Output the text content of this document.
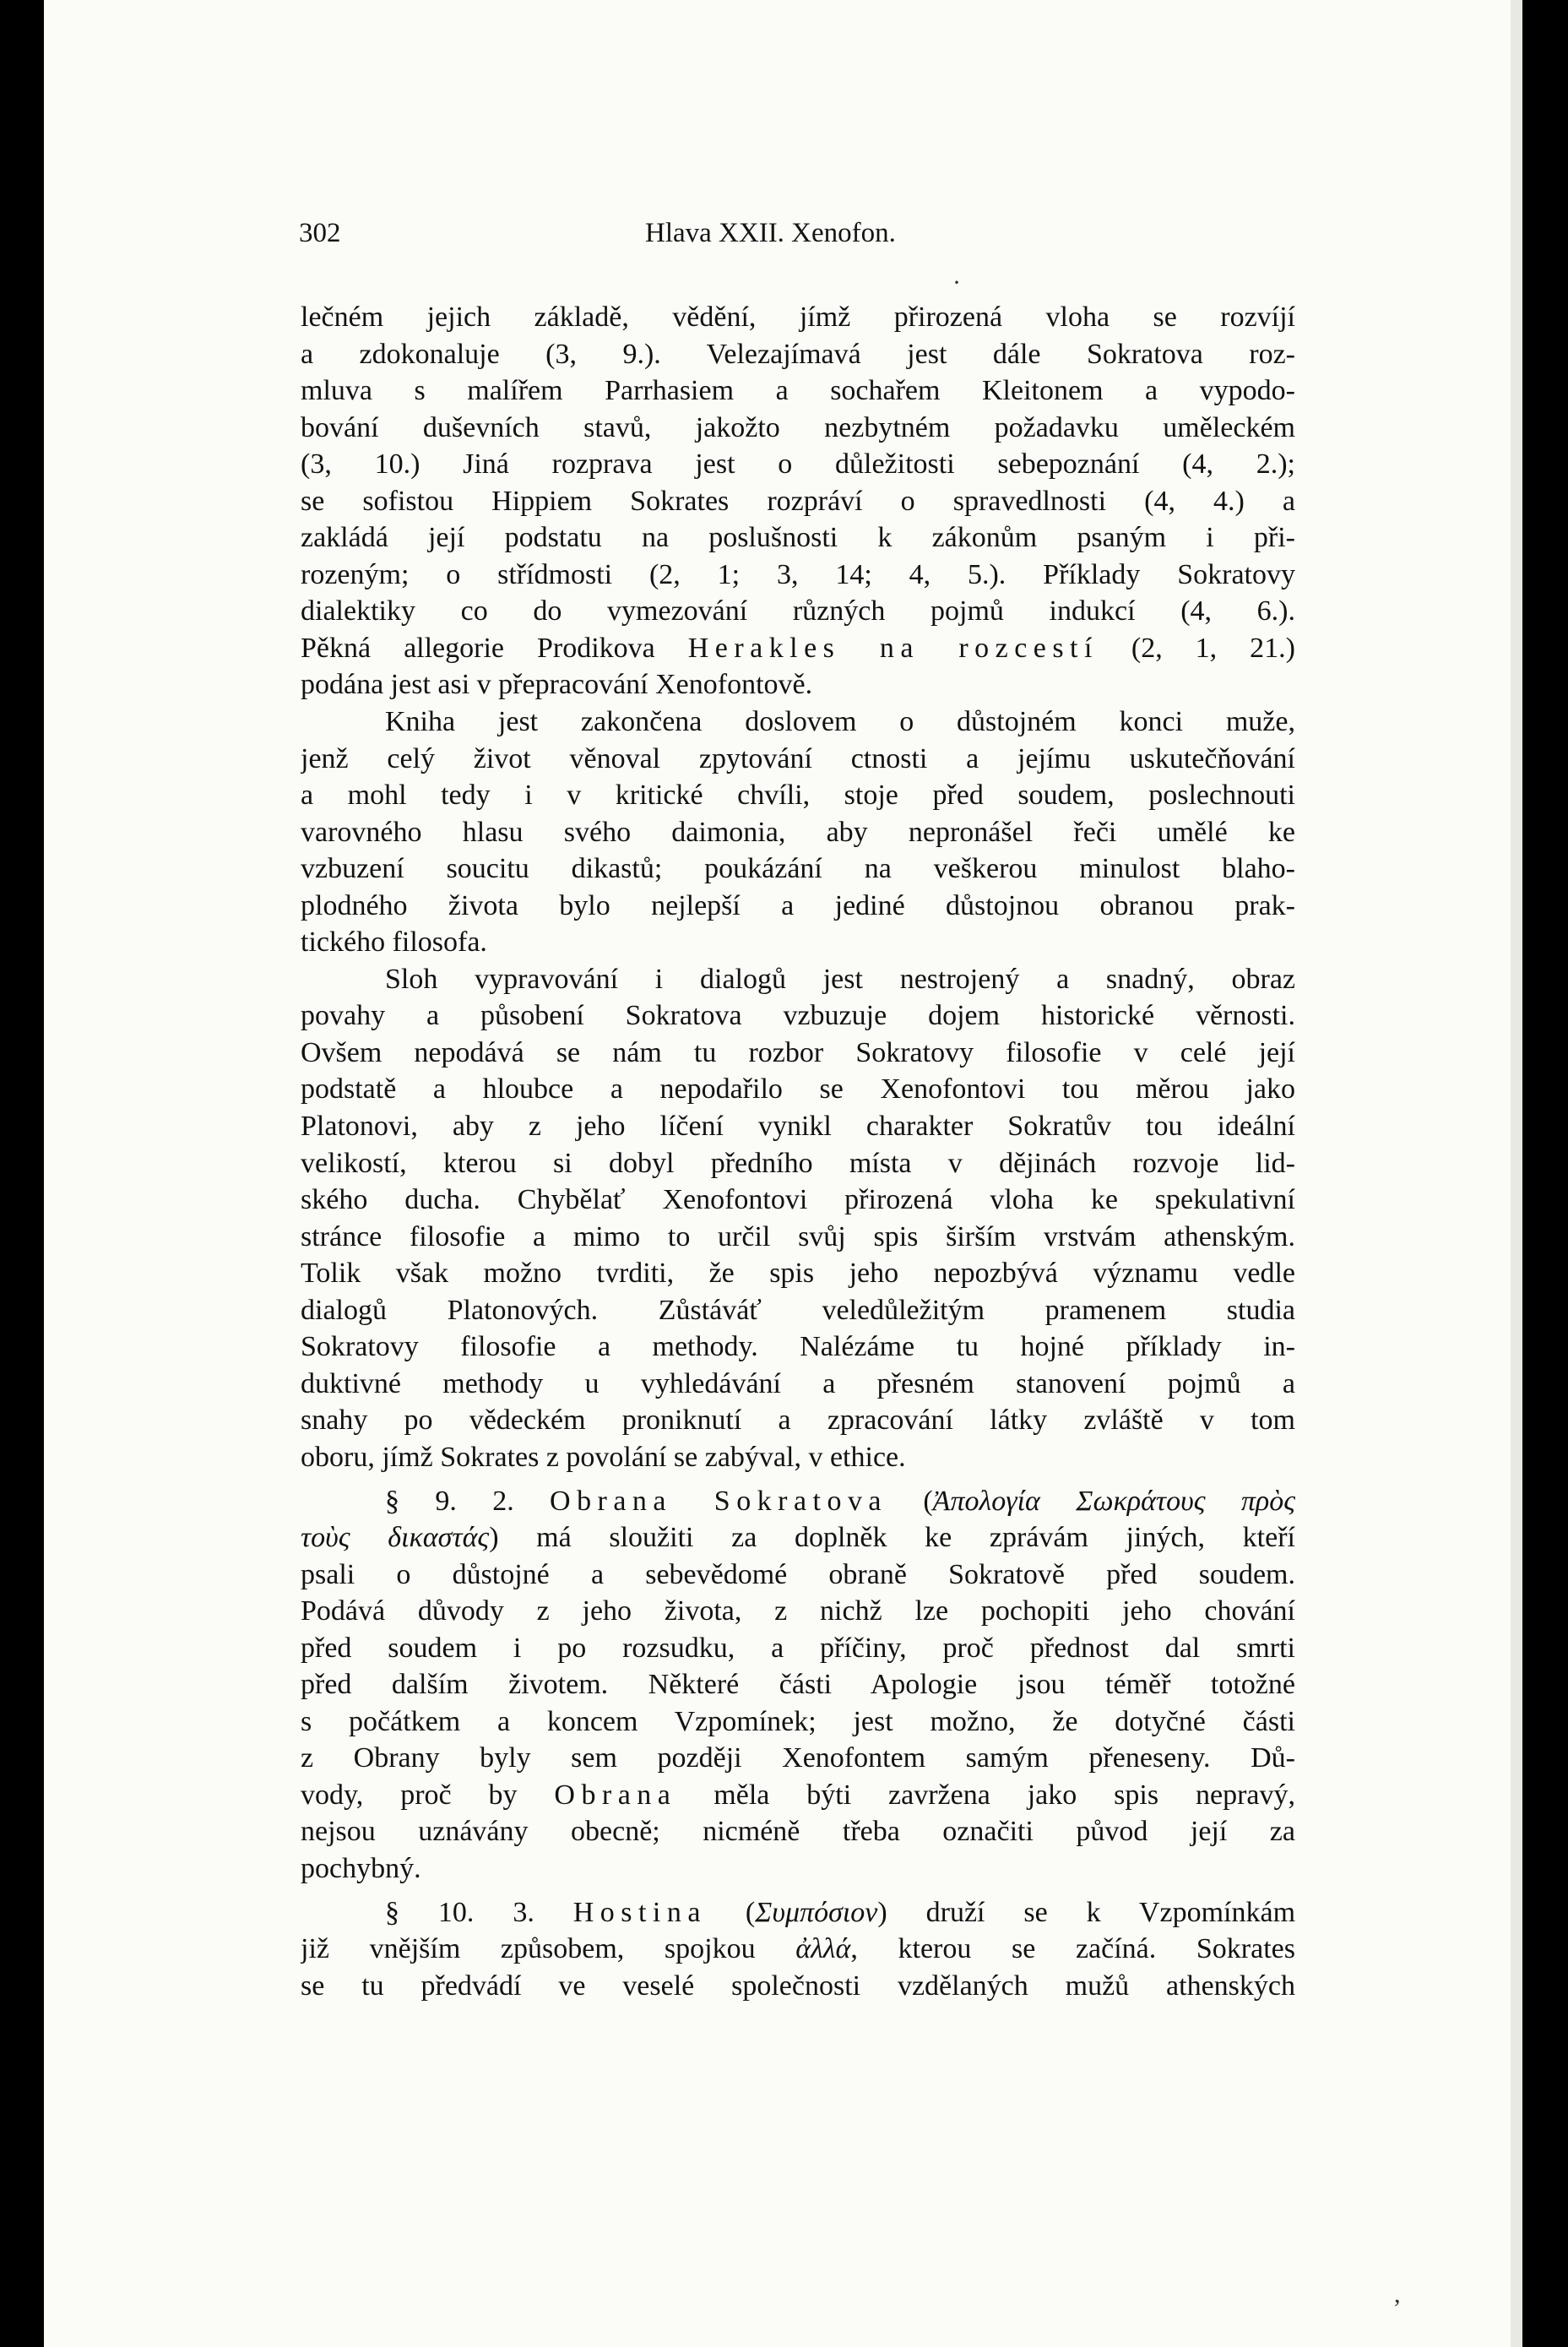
302	Hlava XXII. Xenofon.
·
,
lečném jejich základě, vědění, jímž přirozená vloha se rozvíjí
a zdokonaluje (3, 9.). Velezajímavá jest dále Sokratova roz-
mluva s malířem Parrhasiem a sochařem Kleitonem a vypodo-
bování duševních stavů, jakožto nezbytném požadavku uměleckém
(3, 10.) Jiná rozprava jest o důležitosti sebepoznání (4, 2.);
se sofistou Hippiem Sokrates rozpráví o spravedlnosti (4, 4.) a
zakládá její podstatu na poslušnosti k zákonům psaným i při-
rozeným; o střídmosti (2, 1; 3, 14; 4, 5.). Příklady Sokratovy
dialektiky co do vymezování různých pojmů indukcí (4, 6.).
Pěkná allegorie Prodikova Herakles na rozcestí (2, 1, 21.)
podána jest asi v přepracování Xenofontově.
Kniha jest zakončena doslovem o důstojném konci muže,
jenž celý život věnoval zpytování ctnosti a jejímu uskutečňování
a mohl tedy i v kritické chvíli, stoje před soudem, poslechnouti
varovného hlasu svého daimonia, aby nepronášel řeči umělé ke
vzbuzení soucitu dikastů; poukázání na veškerou minulost blaho-
plodného života bylo nejlepší a jediné důstojnou obranou prak-
tického filosofa.
Sloh vypravování i dialogů jest nestrojený a snadný, obraz
povahy a působení Sokratova vzbuzuje dojem historické věrnosti.
Ovšem nepodává se nám tu rozbor Sokratovy filosofie v celé její
podstatě a hloubce a nepodařilo se Xenofontovi tou měrou jako
Platonovi, aby z jeho líčení vynikl charakter Sokratův tou ideální
velikostí, kterou si dobyl předního místa v dějinách rozvoje lid-
ského ducha. Chybělať Xenofontovi přirozená vloha ke spekulativní
stránce filosofie a mimo to určil svůj spis širším vrstvám athenským.
Tolik však možno tvrditi, že spis jeho nepozbývá významu vedle
dialogů Platonových. Zůstáváť veledůležitým pramenem studia
Sokratovy filosofie a methody. Nalézáme tu hojné příklady in-
duktivné methody u vyhledávání a přesném stanovení pojmů a
snahy po vědeckém proniknutí a zpracování látky zvláště v tom
oboru, jímž Sokrates z povolání se zabýval, v ethice.
§ 9. 2. Obrana Sokratova (Ἀπολογία Σωκράτους πρὸς
τοὺς δικαστάς) má sloužiti za doplněk ke zprávám jiných, kteří
psali o důstojné a sebevědomé obraně Sokratově před soudem.
Podává důvody z jeho života, z nichž lze pochopiti jeho chování
před soudem i po rozsudku, a příčiny, proč přednost dal smrti
před dalším životem. Některé části Apologie jsou téměř totožné
s počátkem a koncem Vzpomínek; jest možno, že dotyčné části
z Obrany byly sem později Xenofontem samým přeneseny. Dů-
vody, proč by Obrana měla býti zavržena jako spis nepravý,
nejsou uznávány obecně; nicméně třeba označiti původ její za
pochybný.
§ 10. 3. Hostina (Συμπόσιον) druží se k Vzpomínkám
již vnějším způsobem, spojkou ἀλλά, kterou se začíná. Sokrates
se tu předvádí ve veselé společnosti vzdělaných mužů athenských
